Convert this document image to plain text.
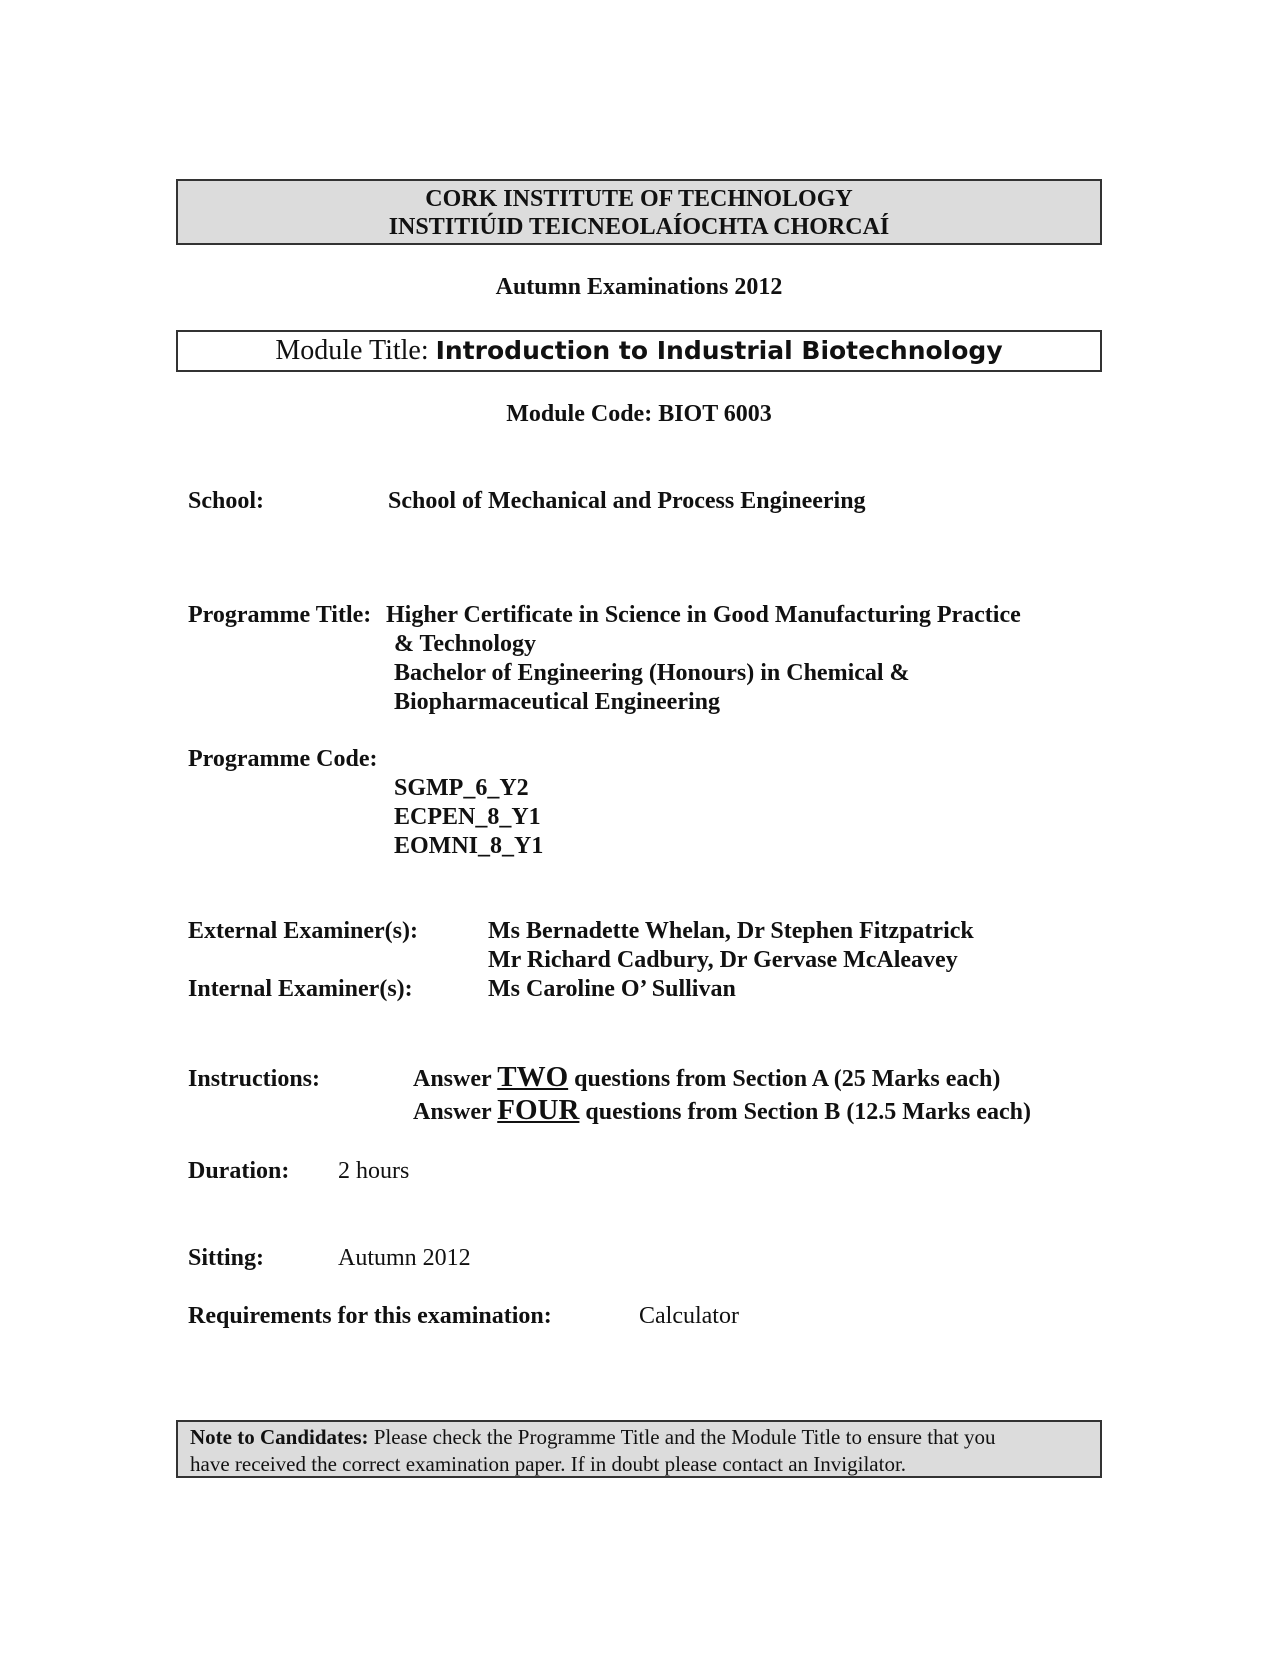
CORK INSTITUTE OF TECHNOLOGY
INSTITIÚID TEICNEOLAÍOCHTA CHORCAÍ
Autumn Examinations 2012
Module Title: Introduction to Industrial Biotechnology
Module Code: BIOT 6003
School:	School of Mechanical and Process Engineering
Programme Title: Higher Certificate in Science in Good Manufacturing Practice
& Technology
Bachelor of Engineering (Honours) in Chemical &
Biopharmaceutical Engineering
Programme Code:
SGMP_6_Y2
ECPEN_8_Y1
EOMNI_8_Y1
External Examiner(s):	Ms Bernadette Whelan, Dr Stephen Fitzpatrick
Mr Richard Cadbury, Dr Gervase McAleavey
Internal Examiner(s):	Ms Caroline O’ Sullivan
Instructions:	Answer TWO questions from Section A (25 Marks each)
Answer FOUR questions from Section B (12.5 Marks each)
Duration: 2 hours
Sitting:	Autumn 2012
Requirements for this examination:	Calculator
Note to Candidates: Please check the Programme Title and the Module Title to ensure that you
have received the correct examination paper. If in doubt please contact an Invigilator.
